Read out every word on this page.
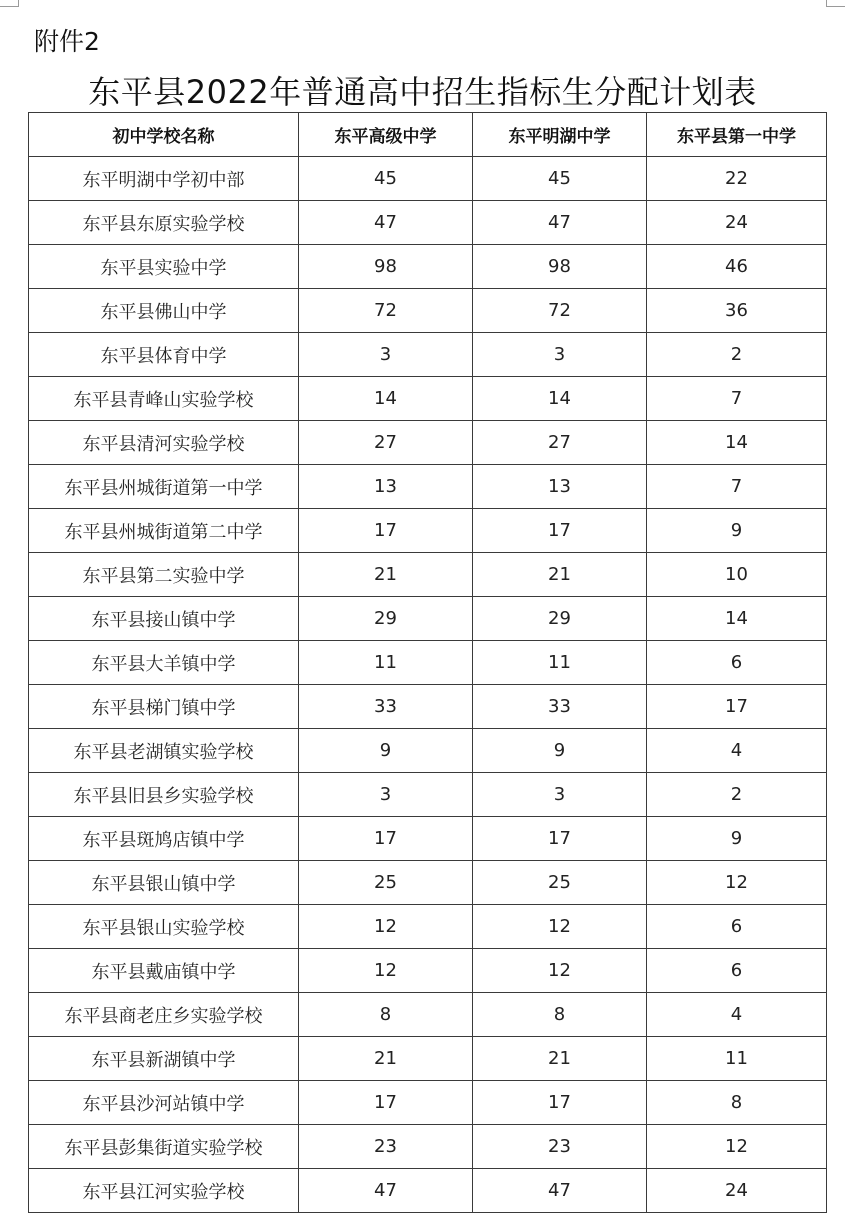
附件2
东平县2022年普通高中招生指标生分配计划表
初中学校名称	东平高级中学	东平明湖中学	东平县第一中学
东平明湖中学初中部	45	45	22
东平县东原实验学校	47	47	24
东平县实验中学	98	98	46
东平县佛山中学	72	72	36
东平县体育中学	3	3	2
东平县青峰山实验学校	14	14	7
东平县清河实验学校	27	27	14
东平县州城街道第一中学	13	13	7
东平县州城街道第二中学	17	17	9
东平县第二实验中学	21	21	10
东平县接山镇中学	29	29	14
东平县大羊镇中学	11	11	6
东平县梯门镇中学	33	33	17
东平县老湖镇实验学校	9	9	4
东平县旧县乡实验学校	3	3	2
东平县斑鸠店镇中学	17	17	9
东平县银山镇中学	25	25	12
东平县银山实验学校	12	12	6
东平县戴庙镇中学	12	12	6
东平县商老庄乡实验学校	8	8	4
东平县新湖镇中学	21	21	11
东平县沙河站镇中学	17	17	8
东平县彭集街道实验学校	23	23	12
东平县江河实验学校	47	47	24
